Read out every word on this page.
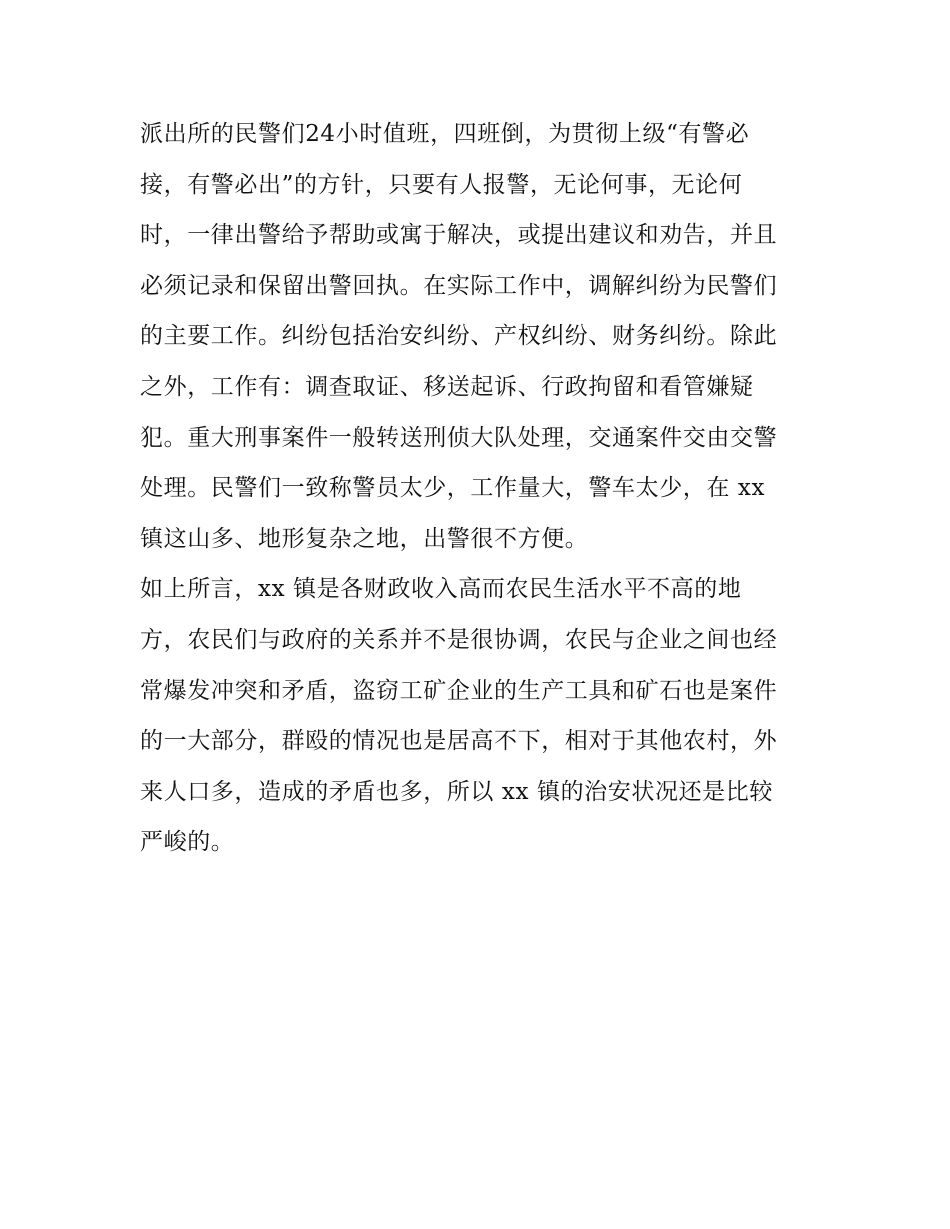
派出所的民警们24小时值班，四班倒，为贯彻上级“有警必
接，有警必出”的方针，只要有人报警，无论何事，无论何
时，一律出警给予帮助或寓于解决，或提出建议和劝告，并且
必须记录和保留出警回执。在实际工作中，调解纠纷为民警们
的主要工作。纠纷包括治安纠纷、产权纠纷、财务纠纷。除此
之外，工作有：调查取证、移送起诉、行政拘留和看管嫌疑
犯。重大刑事案件一般转送刑侦大队处理，交通案件交由交警
处理。民警们一致称警员太少，工作量大，警车太少，在 xx
镇这山多、地形复杂之地，出警很不方便。
如上所言，xx 镇是各财政收入高而农民生活水平不高的地
方，农民们与政府的关系并不是很协调，农民与企业之间也经
常爆发冲突和矛盾，盗窃工矿企业的生产工具和矿石也是案件
的一大部分，群殴的情况也是居高不下，相对于其他农村，外
来人口多，造成的矛盾也多，所以 xx 镇的治安状况还是比较
严峻的。
